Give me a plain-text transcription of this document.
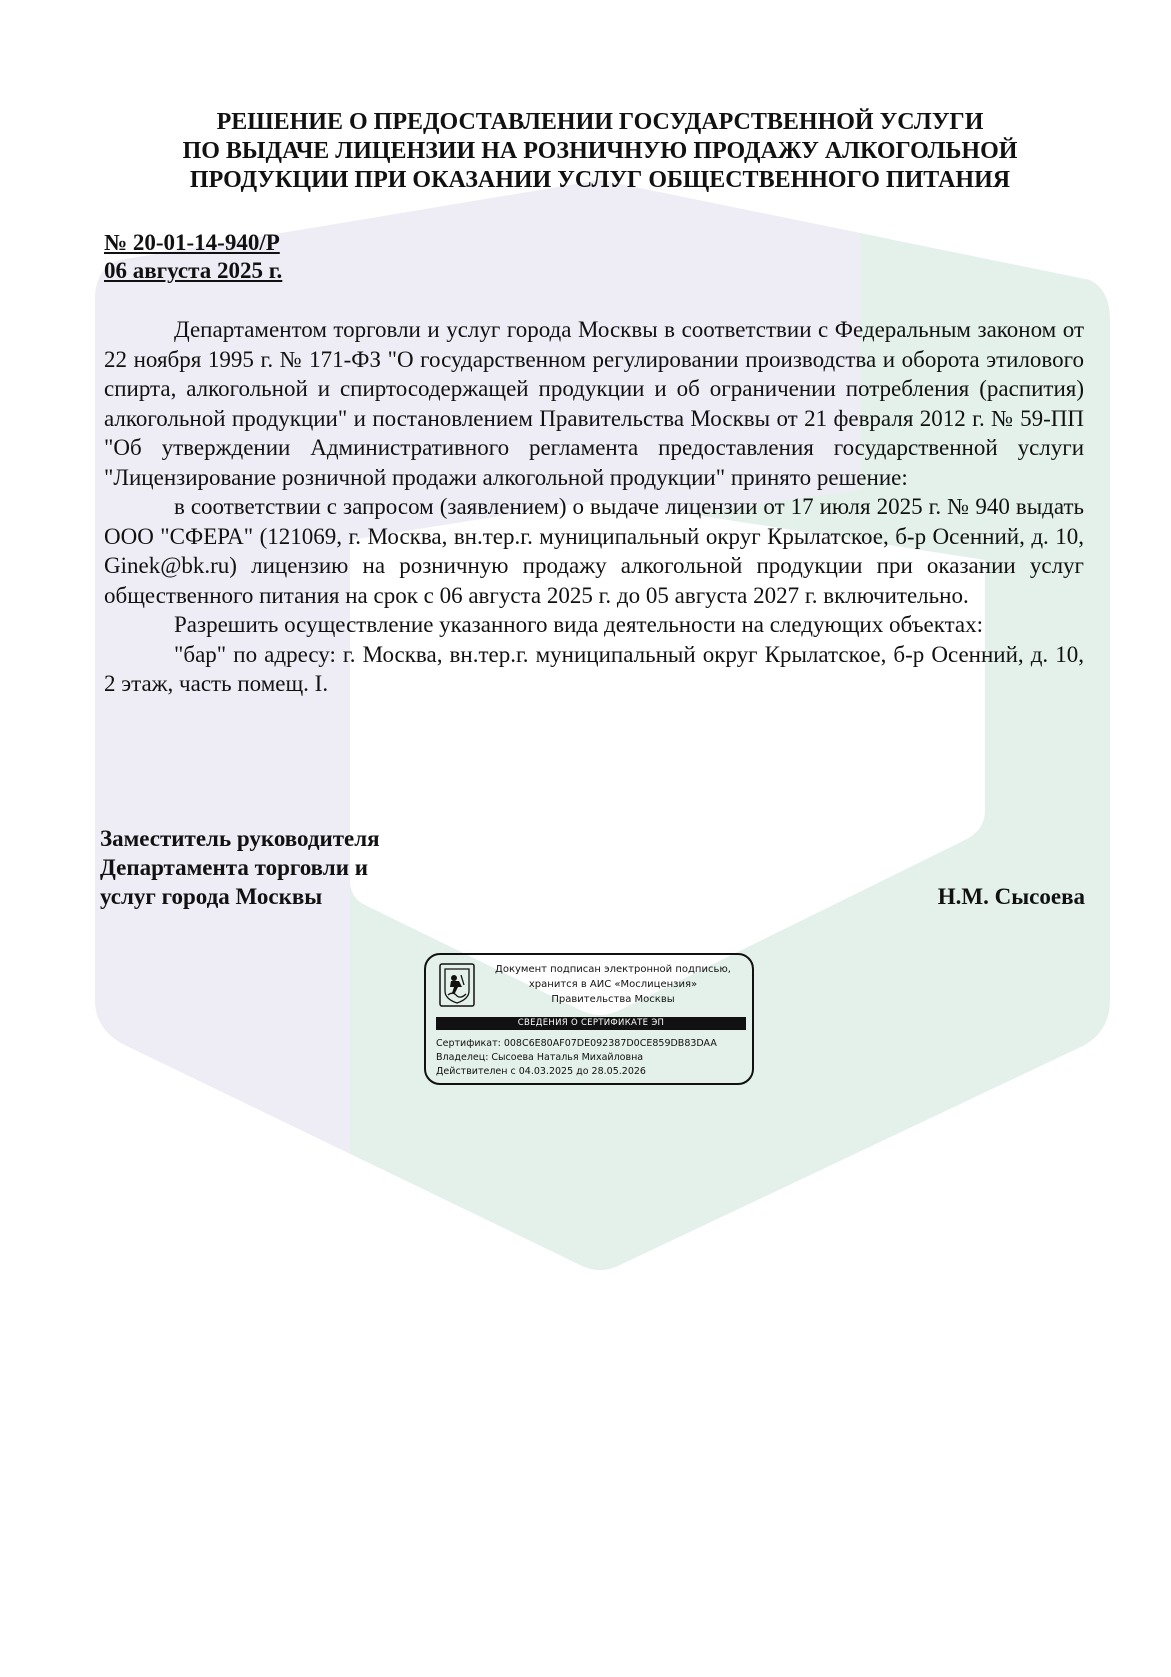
РЕШЕНИЕ О ПРЕДОСТАВЛЕНИИ ГОСУДАРСТВЕННОЙ УСЛУГИ
ПО ВЫДАЧЕ ЛИЦЕНЗИИ НА РОЗНИЧНУЮ ПРОДАЖУ АЛКОГОЛЬНОЙ
ПРОДУКЦИИ ПРИ ОКАЗАНИИ УСЛУГ ОБЩЕСТВЕННОГО ПИТАНИЯ
№ 20-01-14-940/Р
06 августа 2025 г.

Департаментом торговли и услуг города Москвы в соответствии с Федеральным законом от 22 ноября 1995 г. № 171-ФЗ "О государственном регулировании производства и оборота этилового спирта, алкогольной и спиртосодержащей продукции и об ограничении потребления (распития) алкогольной продукции" и постановлением Правительства Москвы от 21 февраля 2012 г. № 59-ПП "Об утверждении Административного регламента предоставления государственной услуги "Лицензирование розничной продажи алкогольной продукции" принято решение:

в соответствии с запросом (заявлением) о выдаче лицензии от 17 июля 2025 г. № 940 выдать ООО "СФЕРА" (121069, г. Москва, вн.тер.г. муниципальный округ Крылатское, б-р Осенний, д. 10, Ginek@bk.ru) лицензию на розничную продажу алкогольной продукции при оказании услуг общественного питания на срок с 06 августа 2025 г. до 05 августа 2027 г. включительно.

Разрешить осуществление указанного вида деятельности на следующих объектах:

"бар" по адресу: г. Москва, вн.тер.г. муниципальный округ Крылатское, б-р Осенний, д. 10, 2 этаж, часть помещ. I.

Заместитель руководителя
Департамента торговли и
услуг города Москвы	Н.М. Сысоева
Документ подписан электронной подписью,
хранится в АИС «Мослицензия»
Правительства Москвы
СВЕДЕНИЯ О СЕРТИФИКАТЕ ЭП
Сертификат: 008C6E80AF07DE092387D0CE859DB83DAA
Владелец: Сысоева Наталья Михайловна
Действителен с 04.03.2025 до 28.05.2026
